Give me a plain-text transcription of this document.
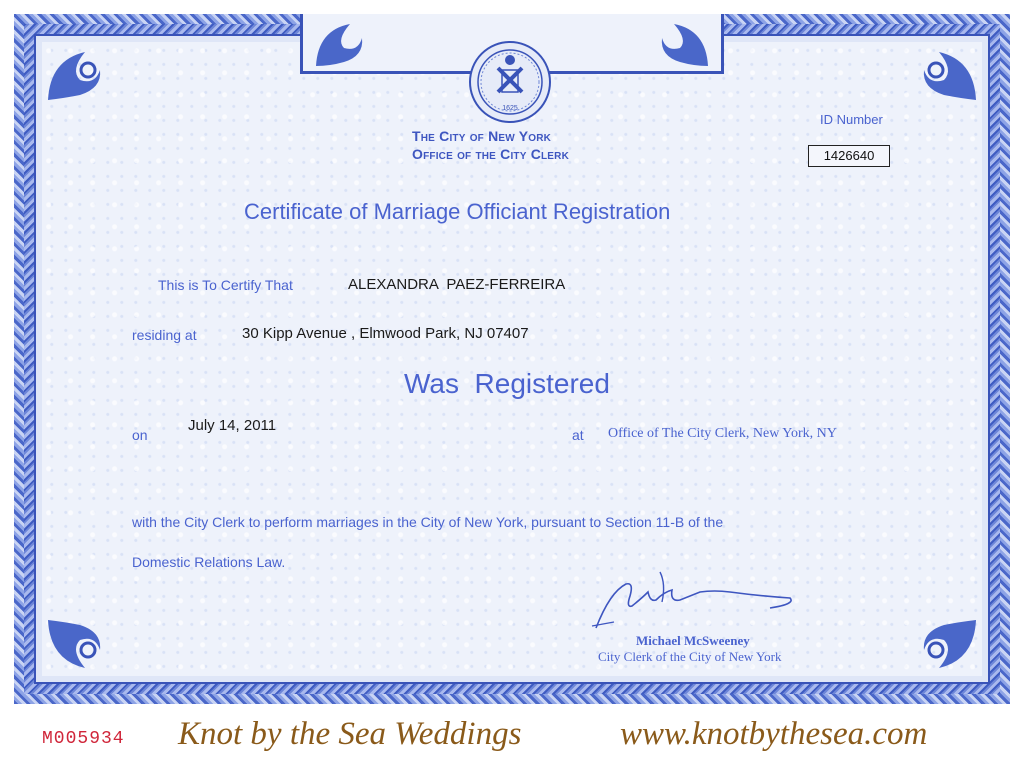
1625
The City of New York
Office of the City Clerk
ID Number
1426640
Certificate of Marriage Officiant Registration
This is To Certify That	ALEXANDRA  PAEZ-FERREIRA
residing at	30 Kipp Avenue , Elmwood Park, NJ 07407
Was  Registered
on
July 14, 2011
at Office of The City Clerk, New York, NY
with the City Clerk to perform marriages in the City of New York, pursuant to Section 11-B of the
Domestic Relations Law.
Michael McSweeney
City Clerk of the City of New York
M005934 Knot by the Sea Weddings	www.knotbythesea.com
